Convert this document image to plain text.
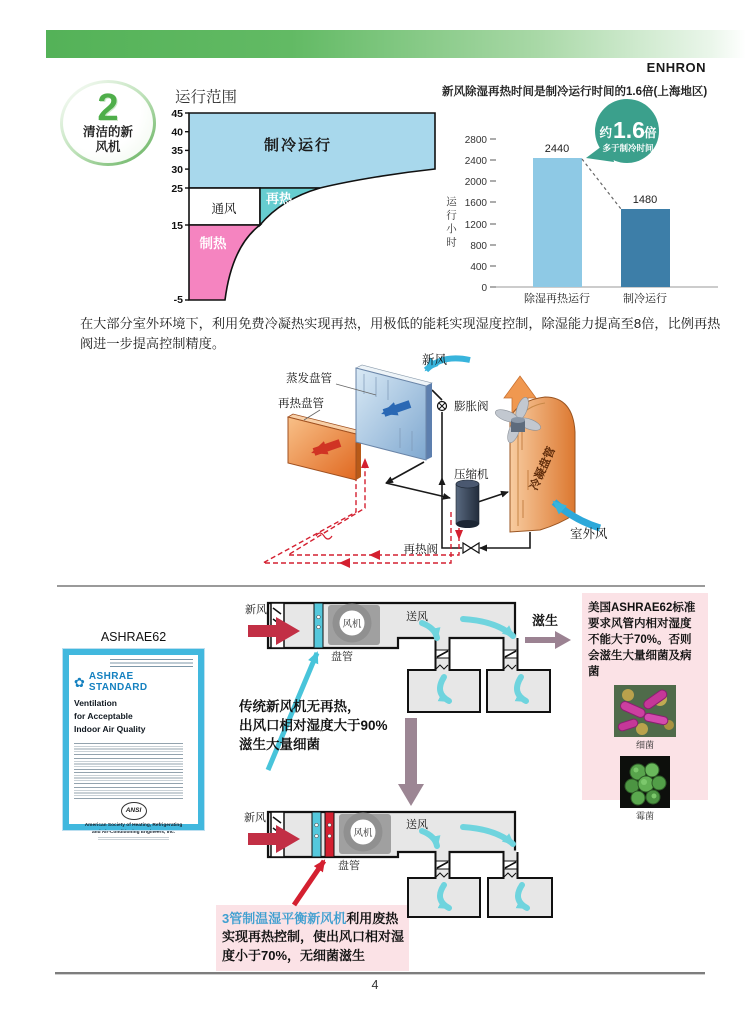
ENHRON
2
清洁的新
风机
运行范围
45
40
35
30
25
15
-5
制冷运行
通风
再热
制热
新风除湿再热时间是制冷运行时间的1.6倍(上海地区)
运行小时
2800
2400
2000
1600
1200
800
400
0
2440
1480
约 1.6 倍
多于制冷时间
除湿再热运行	制冷运行
在大部分室外环境下，利用免费冷凝热实现再热，用极低的能耗实现湿度控制，除湿能力提高至8倍，比例再热阀进一步提高控制精度。
新风
膨胀阀
蒸发盘管
再热盘管
冷凝盘管
室外风
压缩机
再热阀
ASHRAE62
✿ ASHRAE STANDARD
Ventilation
for Acceptable
Indoor Air Quality
ANSI
American Society of Heating, Refrigerating
and Air-Conditioning Engineers, Inc.
新风
风机
盘管
送风	滋生
传统新风机无再热，
出风口相对湿度大于90%
滋生大量细菌
美国ASHRAE62标准要求风管内相对湿度不能大于70%。否则会滋生大量细菌及病菌
细菌
霉菌
新风
风机
盘管
送风
3管制温湿平衡新风机利用废热实现再热控制，使出风口相对湿度小于70%，无细菌滋生
4
